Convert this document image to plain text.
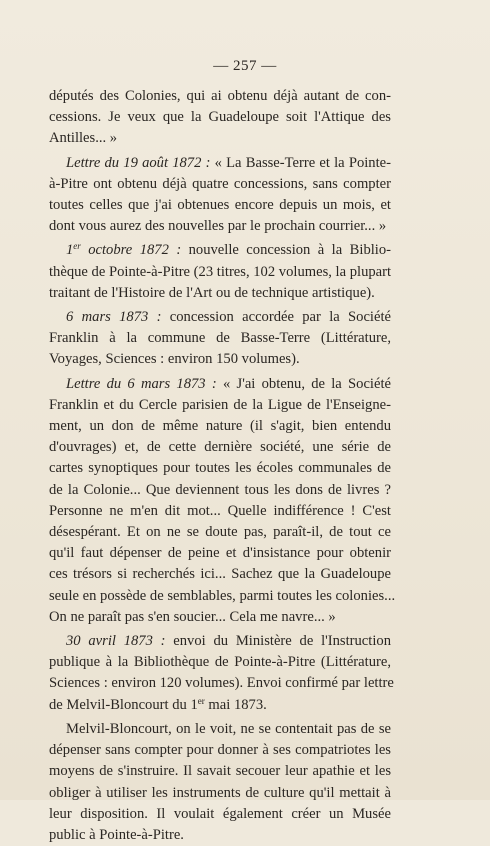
— 257 —
députés des Colonies, qui ai obtenu déjà autant de con-
cessions. Je veux que la Guadeloupe soit l'Attique des
Antilles... »
Lettre du 19 août 1872 : « La Basse-Terre et la Pointe-
à-Pitre ont obtenu déjà quatre concessions, sans compter
toutes celles que j'ai obtenues encore depuis un mois, et
dont vous aurez des nouvelles par le prochain courrier... »
1er octobre 1872 : nouvelle concession à la Biblio-
thèque de Pointe-à-Pitre (23 titres, 102 volumes, la plupart
traitant de l'Histoire de l'Art ou de technique artistique).
6 mars 1873 : concession accordée par la Société
Franklin à la commune de Basse-Terre (Littérature,
Voyages, Sciences : environ 150 volumes).
Lettre du 6 mars 1873 : « J'ai obtenu, de la Société
Franklin et du Cercle parisien de la Ligue de l'Enseigne-
ment, un don de même nature (il s'agit, bien entendu
d'ouvrages) et, de cette dernière société, une série de
cartes synoptiques pour toutes les écoles communales de
de la Colonie... Que deviennent tous les dons de livres ?
Personne ne m'en dit mot... Quelle indifférence ! C'est
désespérant. Et on ne se doute pas, paraît-il, de tout ce
qu'il faut dépenser de peine et d'insistance pour obtenir
ces trésors si recherchés ici... Sachez que la Guadeloupe
seule en possède de semblables, parmi toutes les colonies...
On ne paraît pas s'en soucier... Cela me navre... »
30 avril 1873 : envoi du Ministère de l'Instruction
publique à la Bibliothèque de Pointe-à-Pitre (Littérature,
Sciences : environ 120 volumes). Envoi confirmé par lettre
de Melvil-Bloncourt du 1er mai 1873.
Melvil-Bloncourt, on le voit, ne se contentait pas de se
dépenser sans compter pour donner à ses compatriotes les
moyens de s'instruire. Il savait secouer leur apathie et les
obliger à utiliser les instruments de culture qu'il mettait à
leur disposition. Il voulait également créer un Musée
public à Pointe-à-Pitre.
